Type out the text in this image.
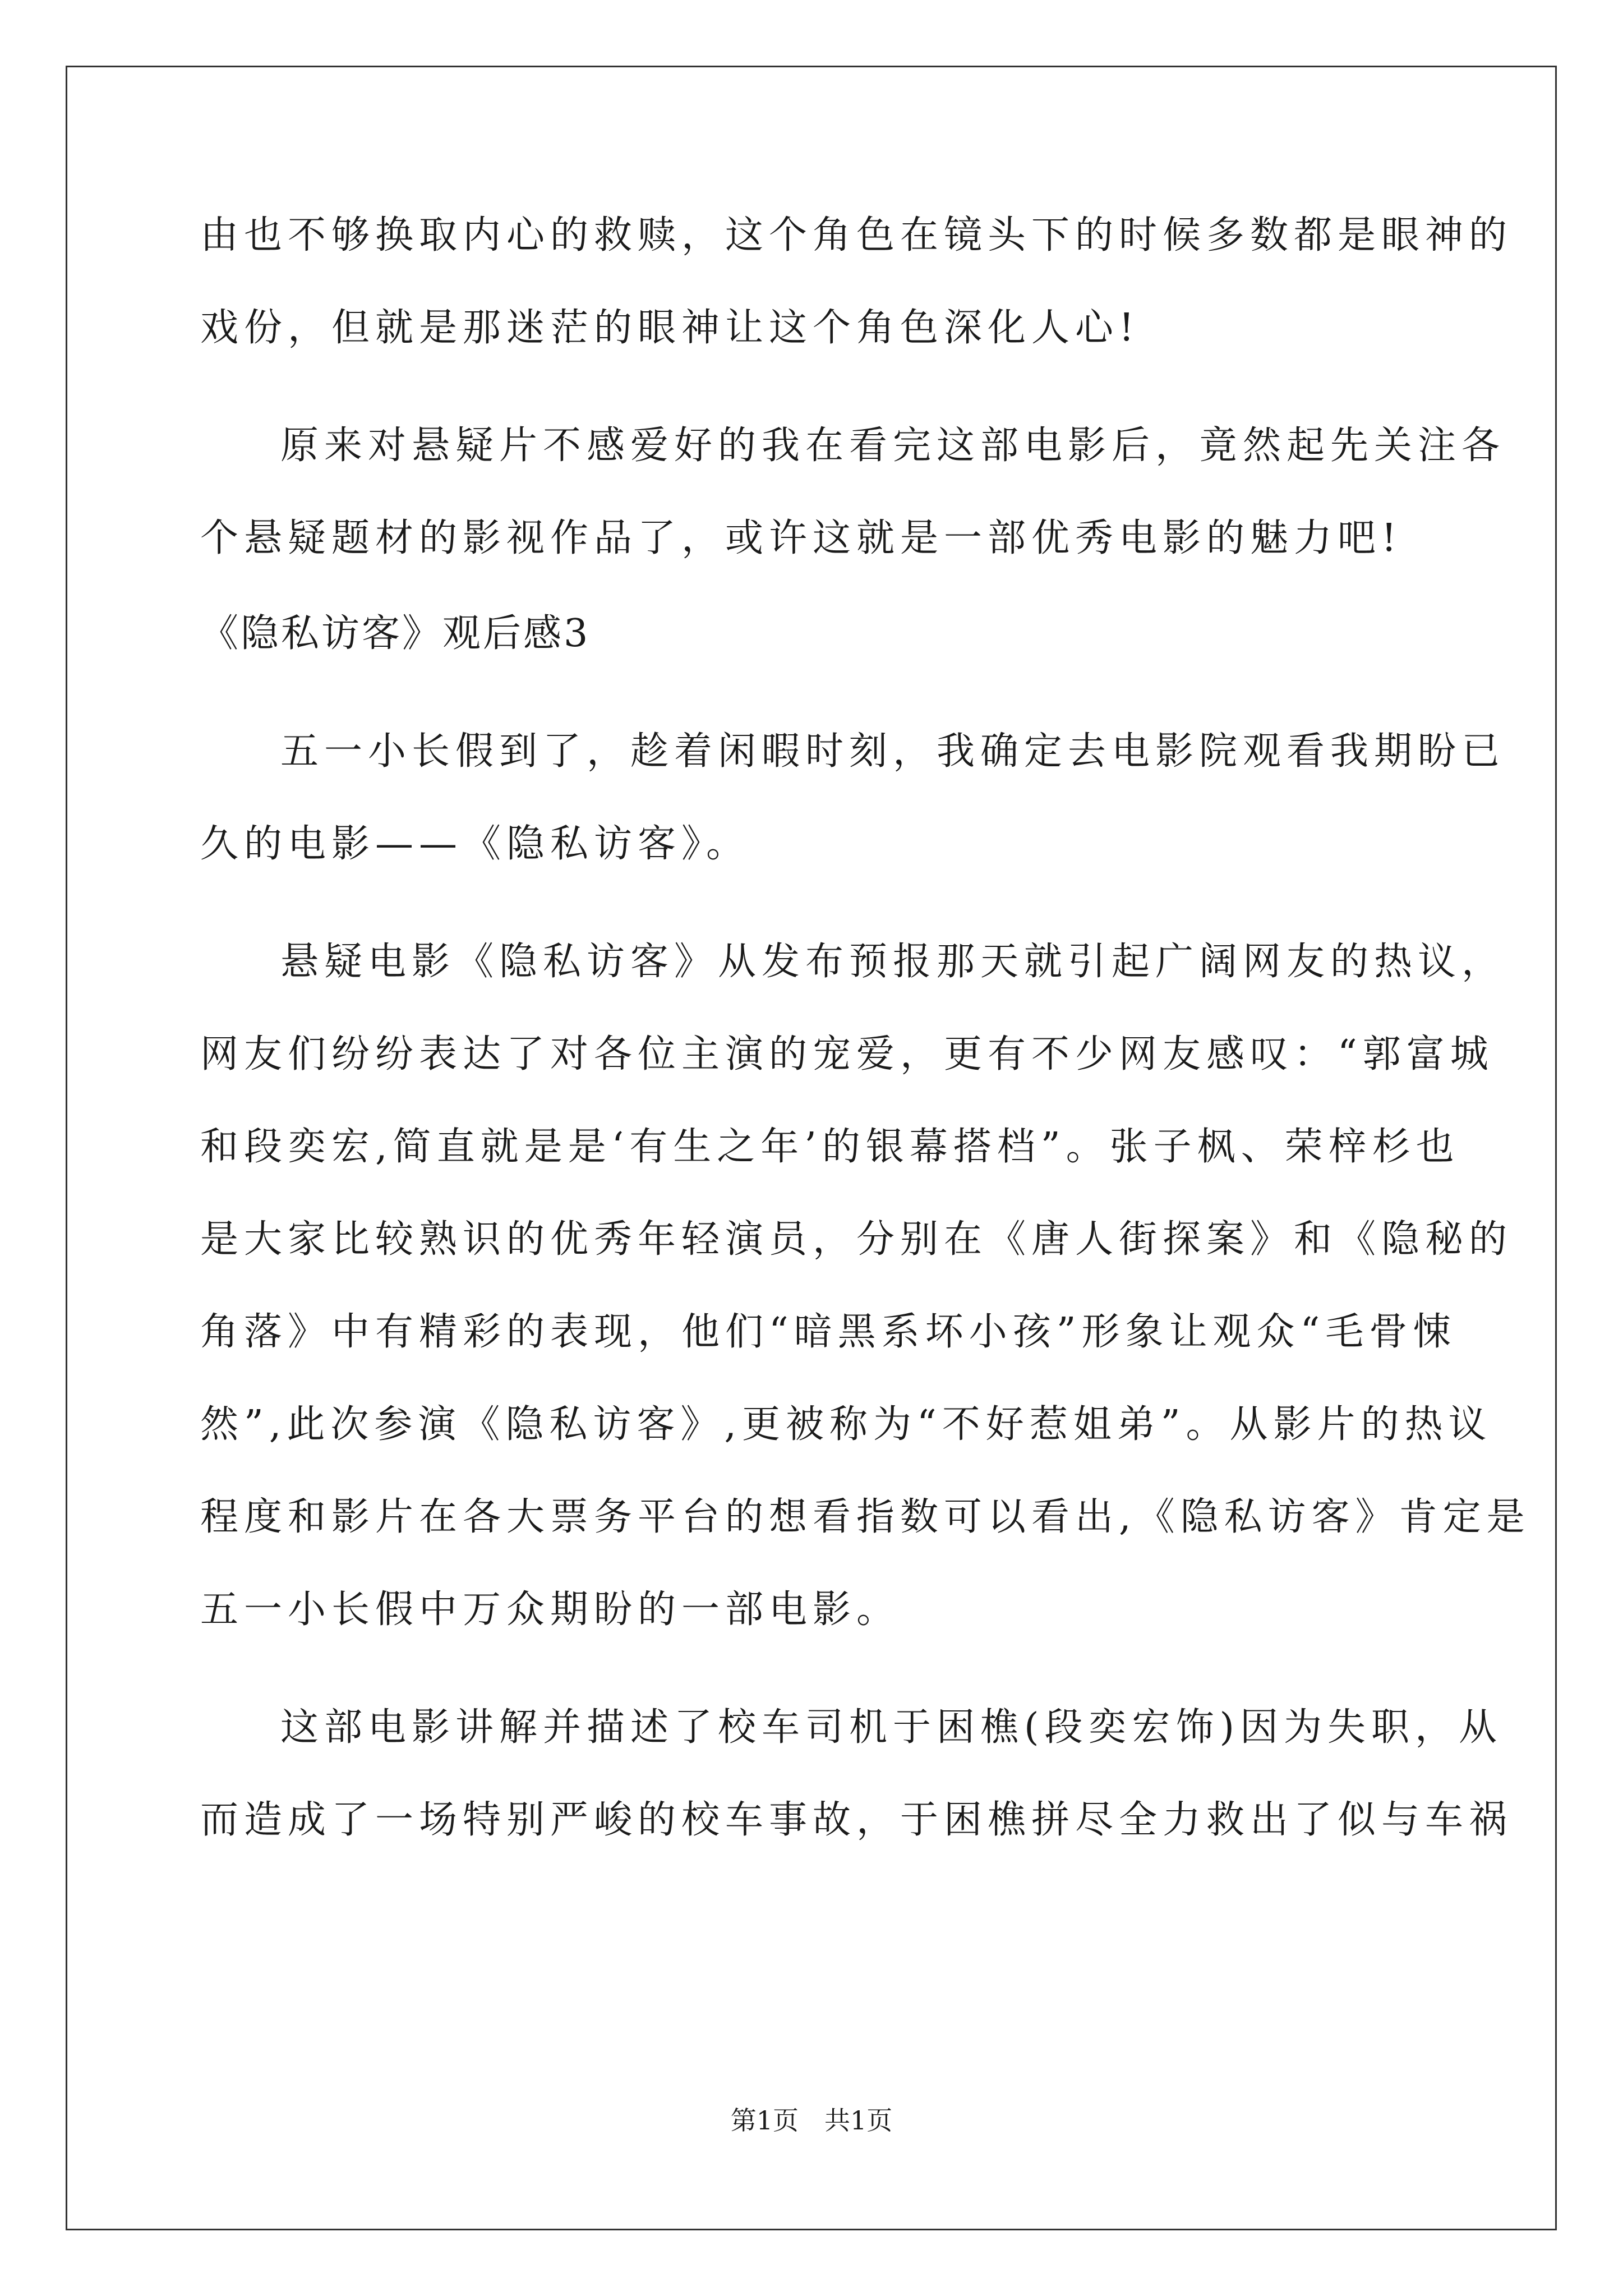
由也不够换取内心的救赎，这个角色在镜头下的时候多数都是眼神的
戏份，但就是那迷茫的眼神让这个角色深化人心!
原来对悬疑片不感爱好的我在看完这部电影后，竟然起先关注各
个悬疑题材的影视作品了，或许这就是一部优秀电影的魅力吧!
《隐私访客》观后感3
五一小长假到了，趁着闲暇时刻，我确定去电影院观看我期盼已
久的电影——《隐私访客》。
悬疑电影《隐私访客》从发布预报那天就引起广阔网友的热议，
网友们纷纷表达了对各位主演的宠爱，更有不少网友感叹：“郭富城
和段奕宏,简直就是是‘有生之年’的银幕搭档”。张子枫、荣梓杉也
是大家比较熟识的优秀年轻演员，分别在《唐人街探案》和《隐秘的
角落》中有精彩的表现，他们“暗黑系坏小孩”形象让观众“毛骨悚
然”,此次参演《隐私访客》,更被称为“不好惹姐弟”。从影片的热议
程度和影片在各大票务平台的想看指数可以看出,《隐私访客》肯定是
五一小长假中万众期盼的一部电影。
这部电影讲解并描述了校车司机于困樵(段奕宏饰)因为失职，从
而造成了一场特别严峻的校车事故，于困樵拼尽全力救出了似与车祸
第1页　共1页
